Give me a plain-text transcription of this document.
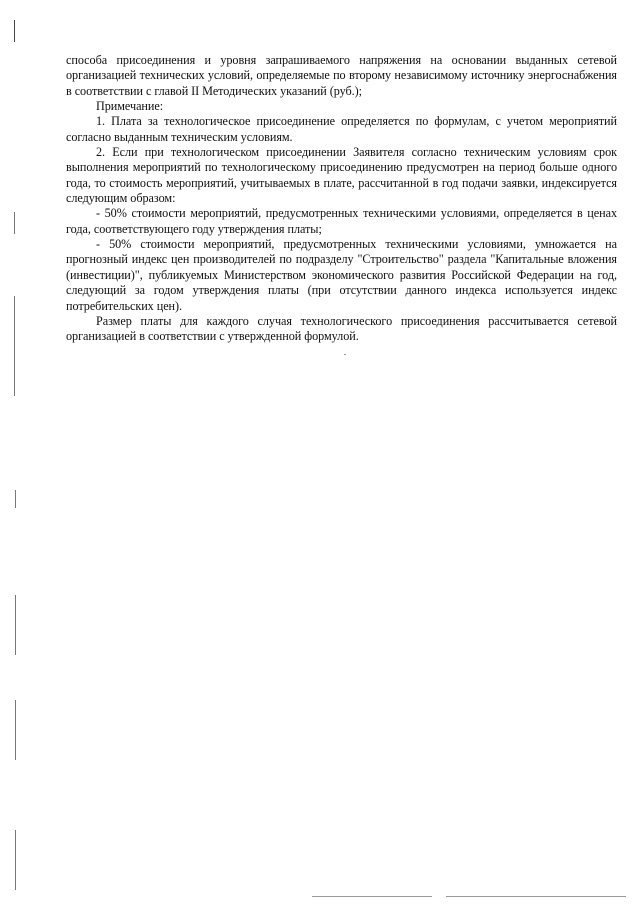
способа присоединения и уровня запрашиваемого напряжения на основании выданных сетевой организацией технических условий, определяемые по второму независимому источнику энергоснабжения в соответствии с главой II Методических указаний (руб.);

Примечание:

1. Плата за технологическое присоединение определяется по формулам, с учетом мероприятий согласно выданным техническим условиям.

2. Если при технологическом присоединении Заявителя согласно техническим условиям срок выполнения мероприятий по технологическому присоединению предусмотрен на период больше одного года, то стоимость мероприятий, учитываемых в плате, рассчитанной в год подачи заявки, индексируется следующим образом:

- 50% стоимости мероприятий, предусмотренных техническими условиями, определяется в ценах года, соответствующего году утверждения платы;

- 50% стоимости мероприятий, предусмотренных техническими условиями, умножается на прогнозный индекс цен производителей по подразделу "Строительство" раздела "Капитальные вложения (инвестиции)", публикуемых Министерством экономического развития Российской Федерации на год, следующий за годом утверждения платы (при отсутствии данного индекса используется индекс потребительских цен).

Размер платы для каждого случая технологического присоединения рассчитывается сетевой организацией в соответствии с утвержденной формулой.
